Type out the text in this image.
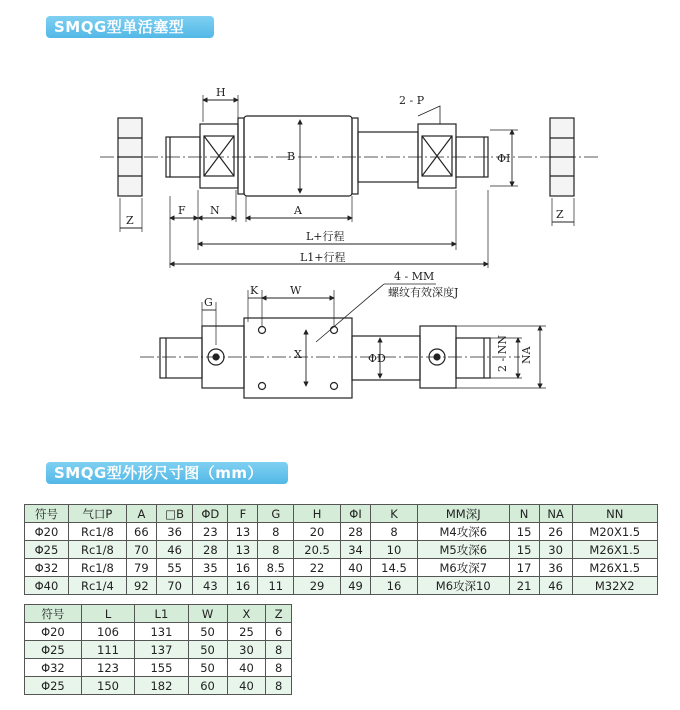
SMQG型单活塞型
H
B
2 - P
ΦI
Z
F N	A	Z
L+行程
L1+行程
G
K	W
4 - MM
螺纹有效深度J
X	ΦD	2 - NN NA
SMQG型外形尺寸图（mm）
符号	气口P	A	□B	ΦD	F	G	H	ΦI	K	MM深J	N	NA	NN
Φ20	Rc1/8	66	36	23	13	8	20	28	8	M4攻深6	15	26	M20X1.5
Φ25	Rc1/8	70	46	28	13	8	20.5	34	10	M5攻深6	15	30	M26X1.5
Φ32	Rc1/8	79	55	35	16	8.5	22	40	14.5	M6攻深7	17	36	M26X1.5
Φ40	Rc1/4	92	70	43	16	11	29	49	16	M6攻深10	21	46	M32X2
符号	L	L1	W	X	Z
Φ20	106	131	50	25	6
Φ25	111	137	50	30	8
Φ32	123	155	50	40	8
Φ25	150	182	60	40	8
